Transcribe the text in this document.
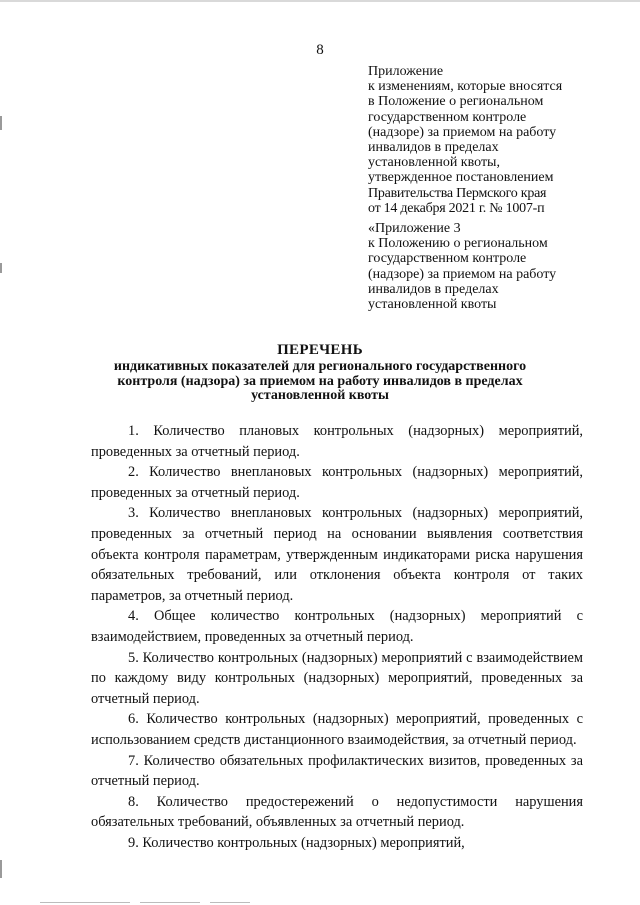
8
Приложение
к изменениям, которые вносятся
в Положение о региональном
государственном контроле
(надзоре) за приемом на работу
инвалидов в пределах
установленной квоты,
утвержденное постановлением
Правительства Пермского края
от 14 декабря 2021 г. № 1007-п
«Приложение 3
к Положению о региональном
государственном контроле
(надзоре) за приемом на работу
инвалидов в пределах
установленной квоты
ПЕРЕЧЕНЬ
индикативных показателей для регионального государственного контроля (надзора) за приемом на работу инвалидов в пределах установленной квоты

1. Количество плановых контрольных (надзорных) мероприятий, проведенных за отчетный период.

2. Количество внеплановых контрольных (надзорных) мероприятий, проведенных за отчетный период.

3. Количество внеплановых контрольных (надзорных) мероприятий, проведенных за отчетный период на основании выявления соответствия объекта контроля параметрам, утвержденным индикаторами риска нарушения обязательных требований, или отклонения объекта контроля от таких параметров, за отчетный период.

4. Общее количество контрольных (надзорных) мероприятий с взаимодействием, проведенных за отчетный период.

5. Количество контрольных (надзорных) мероприятий с взаимодействием по каждому виду контрольных (надзорных) мероприятий, проведенных за отчетный период.

6. Количество контрольных (надзорных) мероприятий, проведенных с использованием средств дистанционного взаимодействия, за отчетный период.

7. Количество обязательных профилактических визитов, проведенных за отчетный период.

8. Количество предостережений о недопустимости нарушения обязательных требований, объявленных за отчетный период.

9. Количество контрольных (надзорных) мероприятий,
